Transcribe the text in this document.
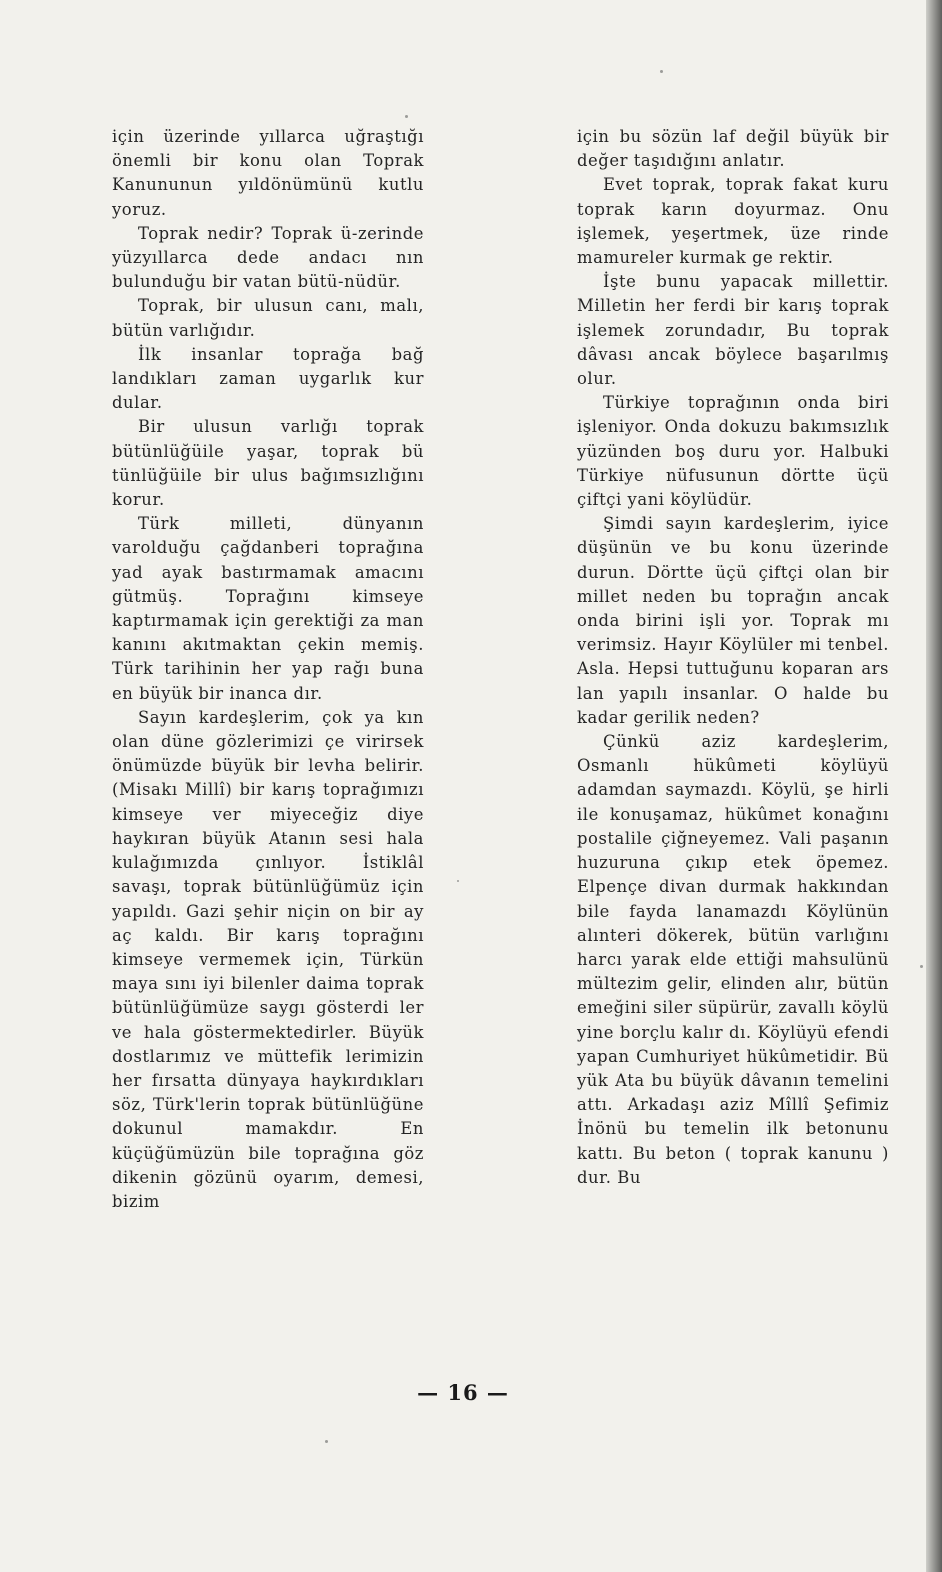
için üzerinde yıllarca uğraştığı önemli bir konu olan Toprak Kanununun yıldönümünü kutlu yoruz.

Toprak nedir? Toprak ü-zerinde yüzyıllarca dede andacı nın bulunduğu bir vatan bütü-nüdür.

Toprak, bir ulusun canı, malı, bütün varlığıdır.

İlk insanlar toprağa bağ landıkları zaman uygarlık kur dular.

Bir ulusun varlığı toprak bütünlüğüile yaşar, toprak bü tünlüğüile bir ulus bağımsızlığını korur.

Türk milleti, dünyanın varolduğu çağdanberi toprağına yad ayak bastırmamak amacını gütmüş. Toprağını kimseye kaptırmamak için gerektiği za man kanını akıtmaktan çekin memiş. Türk tarihinin her yap rağı buna en büyük bir inanca dır.

Sayın kardeşlerim, çok ya kın olan düne gözlerimizi çe virirsek önümüzde büyük bir levha belirir. (Misakı Millî) bir karış toprağımızı kimseye ver miyeceğiz diye haykıran büyük Atanın sesi hala kulağımızda çınlıyor. İstiklâl savaşı, toprak bütünlüğümüz için yapıldı. Gazi şehir niçin on bir ay aç kaldı. Bir karış toprağını kimseye vermemek için, Türkün maya sını iyi bilenler daima toprak bütünlüğümüze saygı gösterdi ler ve hala göstermektedirler. Büyük dostlarımız ve müttefik lerimizin her fırsatta dünyaya haykırdıkları söz, Türk'lerin toprak bütünlüğüne dokunul mamakdır. En küçüğümüzün bile toprağına göz dikenin gözünü oyarım, demesi, bizim

için bu sözün laf değil büyük bir değer taşıdığını anlatır.

Evet toprak, toprak fakat kuru toprak karın doyurmaz. Onu işlemek, yeşertmek, üze rinde mamureler kurmak ge rektir.

İşte bunu yapacak millettir. Milletin her ferdi bir karış toprak işlemek zorundadır, Bu toprak dâvası ancak böylece başarılmış olur.

Türkiye toprağının onda biri işleniyor. Onda dokuzu bakımsızlık yüzünden boş duru yor. Halbuki Türkiye nüfusunun dörtte üçü çiftçi yani köylüdür.

Şimdi sayın kardeşlerim, iyice düşünün ve bu konu üzerinde durun. Dörtte üçü çiftçi olan bir millet neden bu toprağın ancak onda birini işli yor. Toprak mı verimsiz. Hayır Köylüler mi tenbel. Asla. Hepsi tuttuğunu koparan ars lan yapılı insanlar. O halde bu kadar gerilik neden?

Çünkü aziz kardeşlerim, Osmanlı hükûmeti köylüyü adamdan saymazdı. Köylü, şe hirli ile konuşamaz, hükûmet konağını postalile çiğneyemez. Vali paşanın huzuruna çıkıp etek öpemez. Elpençe divan durmak hakkından bile fayda lanamazdı Köylünün alınteri dökerek, bütün varlığını harcı yarak elde ettiği mahsulünü mültezim gelir, elinden alır, bütün emeğini siler süpürür, zavallı köylü yine borçlu kalır dı. Köylüyü efendi yapan Cumhuriyet hükûmetidir. Bü yük Ata bu büyük dâvanın temelini attı. Arkadaşı aziz Mîllî Şefimiz İnönü bu temelin ilk betonunu kattı. Bu beton ( toprak kanunu ) dur. Bu

— 16 —
